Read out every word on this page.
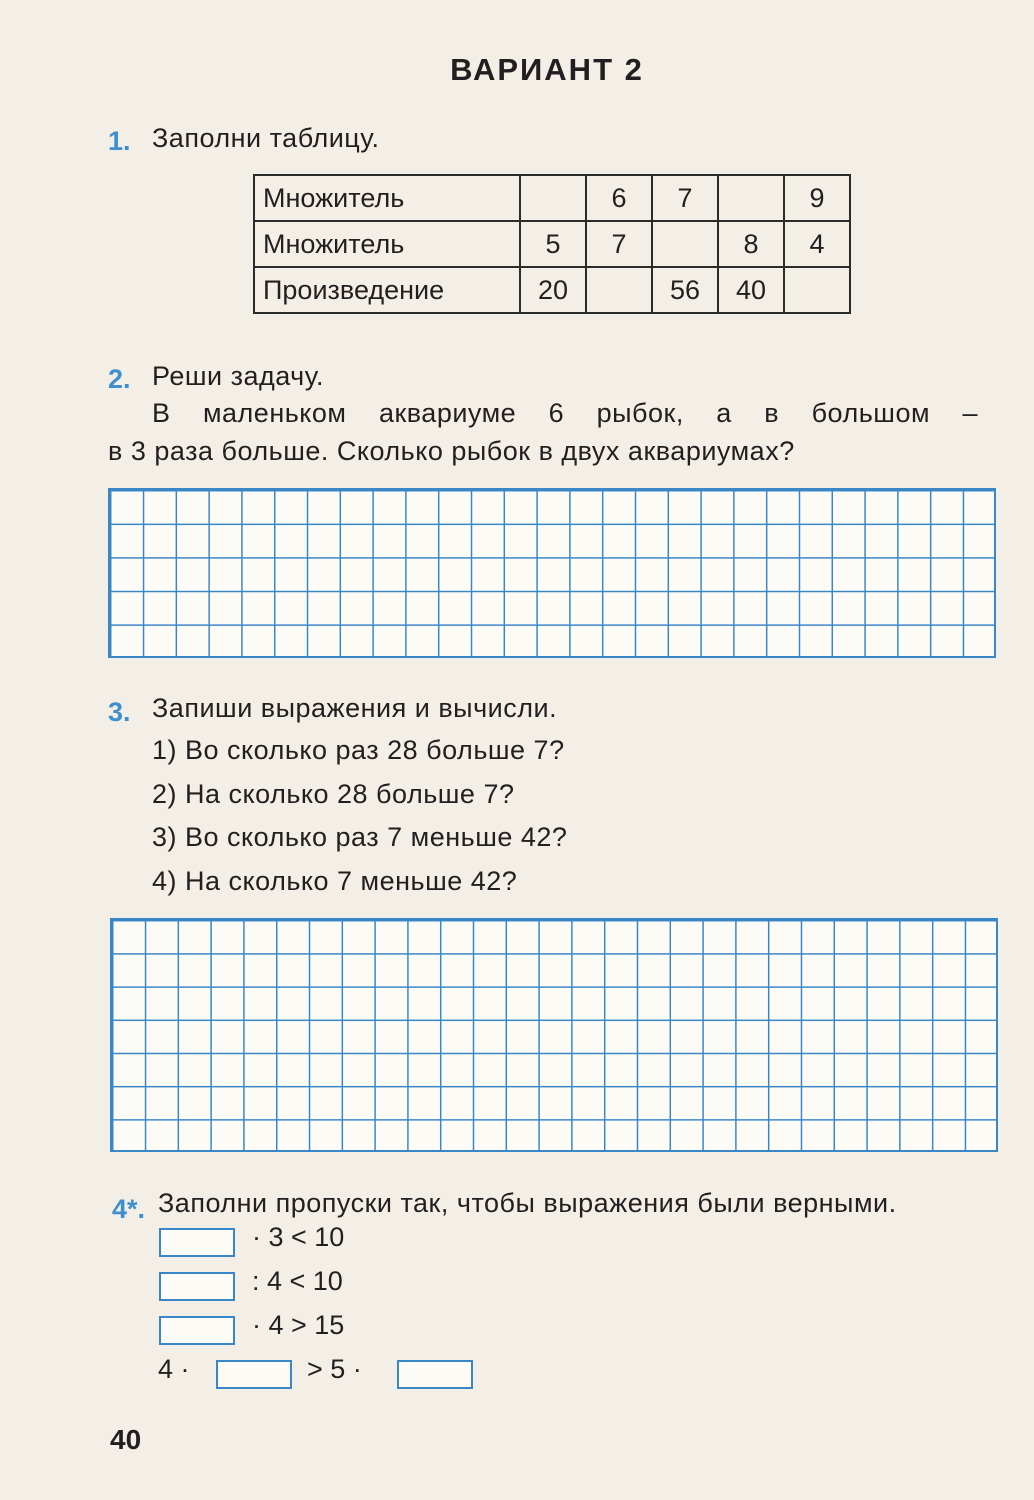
ВАРИАНТ 2
1. Заполни таблицу.
Множитель		6	7		9
Множитель	5	7		8	4
Произведение	20		56	40	
2. Реши задачу.
В маленьком аквариуме 6 рыбок, а в большом –
в 3 раза больше. Сколько рыбок в двух аквариумах?
3. Запиши выражения и вычисли.
1) Во сколько раз 28 больше 7?
2) На сколько 28 больше 7?
3) Во сколько раз 7 меньше 42?
4) На сколько 7 меньше 42?
4*. Заполни пропуски так, чтобы выражения были верными.
· 3 < 10
: 4 < 10
· 4 > 15
4 ·	> 5 ·
40
